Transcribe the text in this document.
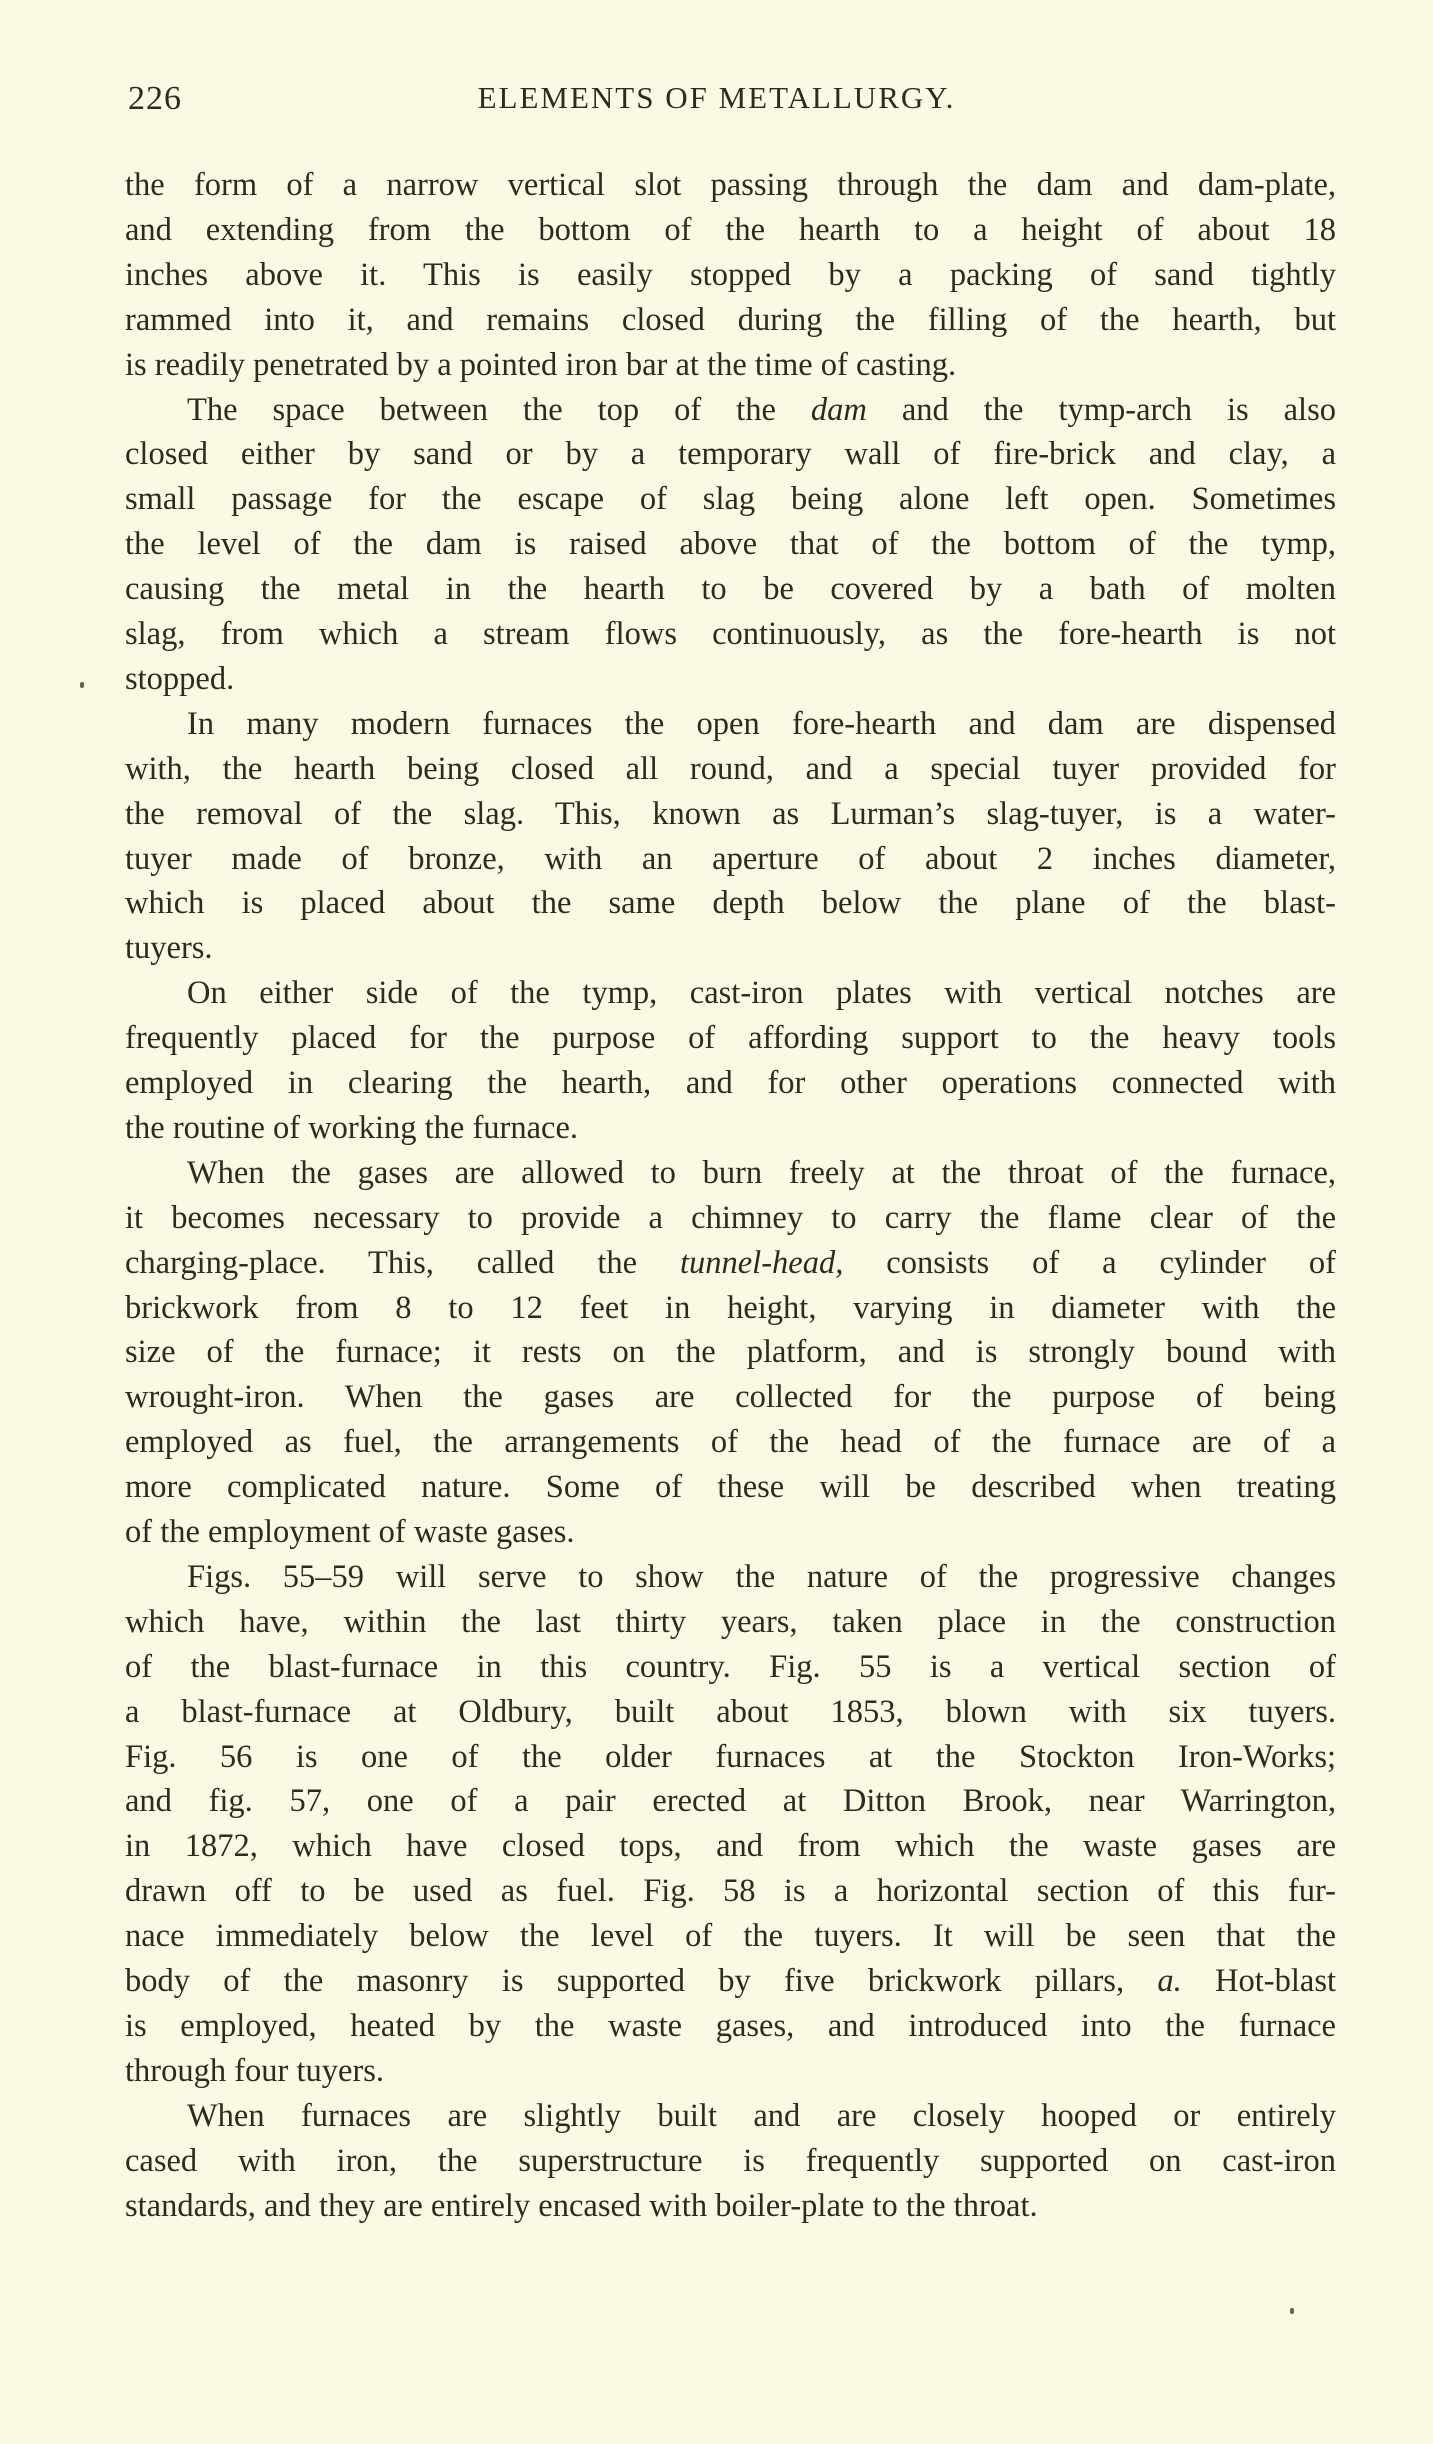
226	ELEMENTS OF METALLURGY.
the form of a narrow vertical slot passing through the dam and dam-plate,
and extending from the bottom of the hearth to a height of about 18
inches above it. This is easily stopped by a packing of sand tightly
rammed into it, and remains closed during the filling of the hearth, but
is readily penetrated by a pointed iron bar at the time of casting.
The space between the top of the dam and the tymp-arch is also
closed either by sand or by a temporary wall of fire-brick and clay, a
small passage for the escape of slag being alone left open. Sometimes
the level of the dam is raised above that of the bottom of the tymp,
causing the metal in the hearth to be covered by a bath of molten
slag, from which a stream flows continuously, as the fore-hearth is not
stopped.
In many modern furnaces the open fore-hearth and dam are dispensed
with, the hearth being closed all round, and a special tuyer provided for
the removal of the slag. This, known as Lurman’s slag-tuyer, is a water-
tuyer made of bronze, with an aperture of about 2 inches diameter,
which is placed about the same depth below the plane of the blast-
tuyers.
On either side of the tymp, cast-iron plates with vertical notches are
frequently placed for the purpose of affording support to the heavy tools
employed in clearing the hearth, and for other operations connected with
the routine of working the furnace.
When the gases are allowed to burn freely at the throat of the furnace,
it becomes necessary to provide a chimney to carry the flame clear of the
charging-place. This, called the tunnel-head, consists of a cylinder of
brickwork from 8 to 12 feet in height, varying in diameter with the
size of the furnace; it rests on the platform, and is strongly bound with
wrought-iron. When the gases are collected for the purpose of being
employed as fuel, the arrangements of the head of the furnace are of a
more complicated nature. Some of these will be described when treating
of the employment of waste gases.
Figs. 55–59 will serve to show the nature of the progressive changes
which have, within the last thirty years, taken place in the construction
of the blast-furnace in this country. Fig. 55 is a vertical section of
a blast-furnace at Oldbury, built about 1853, blown with six tuyers.
Fig. 56 is one of the older furnaces at the Stockton Iron-Works;
and fig. 57, one of a pair erected at Ditton Brook, near Warrington,
in 1872, which have closed tops, and from which the waste gases are
drawn off to be used as fuel. Fig. 58 is a horizontal section of this fur-
nace immediately below the level of the tuyers. It will be seen that the
body of the masonry is supported by five brickwork pillars, a. Hot-blast
is employed, heated by the waste gases, and introduced into the furnace
through four tuyers.
When furnaces are slightly built and are closely hooped or entirely
cased with iron, the superstructure is frequently supported on cast-iron
standards, and they are entirely encased with boiler-plate to the throat.
